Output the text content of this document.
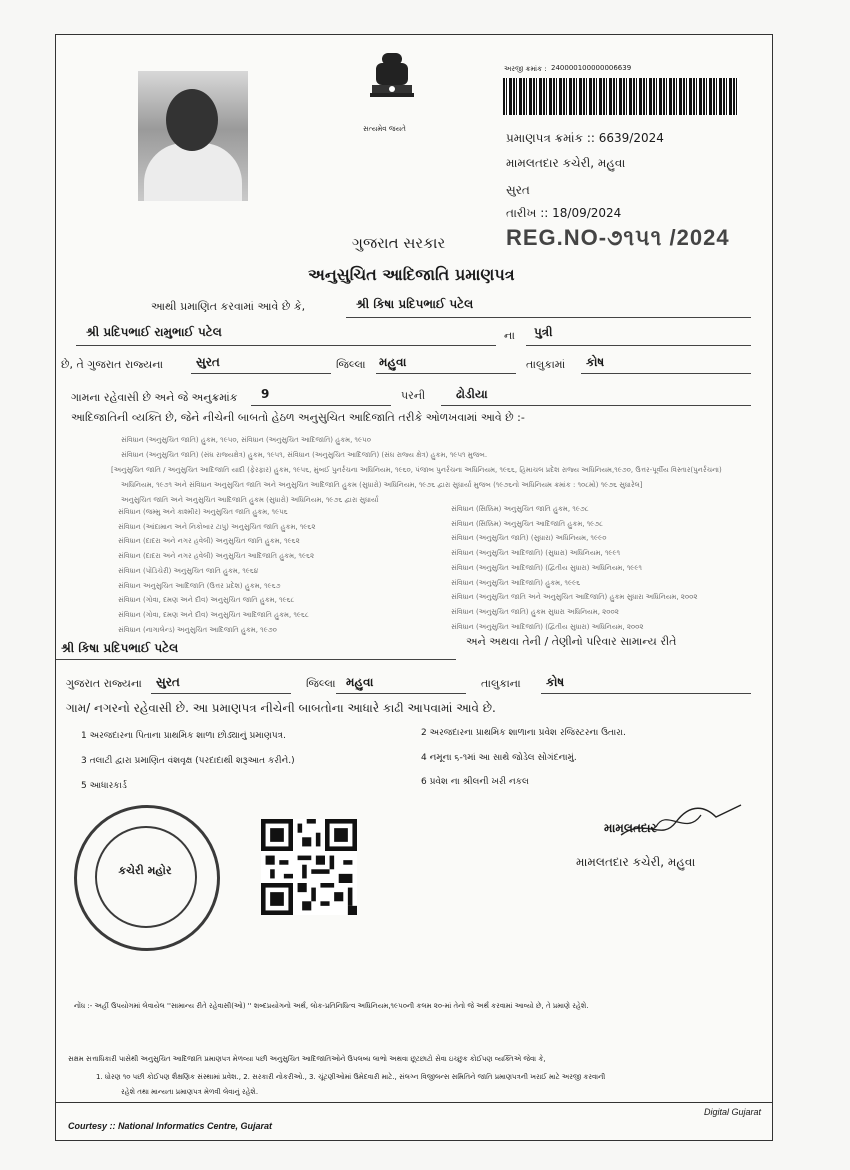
સત્યમેવ જયતે
અરજી ક્રમાંક : 240000100000006639
પ્રમાણપત્ર ક્રમાંક :: 6639/2024
મામલતદાર કચેરી, મહુવા
સુરત
તારીખ :: 18/09/2024
REG.NO-૭૧૫૧ /2024
ગુજરાત સરકાર
અનુસુચિત આદિજાતિ પ્રમાણપત્ર
આથી પ્રમાણિત કરવામાં આવે છે કે,	શ્રી કિષા પ્રદિપભાઈ પટેલ
શ્રી પ્રદિપભાઈ રામુભાઈ પટેલ	ના પુત્રી
છે, તે ગુજરાત રાજ્યના	સુરત	જિલ્લા મહુવા	તાલુકામાં કોષ
ગામના રહેવાસી છે અને જે અનુક્રમાંક 9	પરની	ઢોડીયા
આદિજાતિની વ્યક્તિ છે, જેને નીચેની બાબતો હેઠળ અનુસુચિત આદિજાતિ તરીકે ઓળખવામાં આવે છે :-
સંવિધાન (અનુસુચિત જાતિ) હુકમ, ૧૯૫૦, સંવિધાન (અનુસુચિત આદિજાતિ) હુકમ, ૧૯૫૦
સંવિધાન (અનુસુચિત જાતિ) (સંઘ રાજ્યક્ષેત્ર) હુકમ, ૧૯૫૧, સંવિધાન (અનુસુચિત આદિજાતિ) (સંઘ રાજ્ય ક્ષેત્ર) હુકમ, ૧૯૫૧ મુજબ.
[અનુસુચિત જાતિ / અનુસુચિત આદિજાતિ યાદી (ફેરફાર) હુકમ, ૧૯૫૬, મુંબઈ પુનર્રચના અધિનિયમ, ૧૯૬૦, પંજાબ પુનર્રચના અધિનિયમ, ૧૯૬૬, હિમાચલ પ્રદેશ રાજ્ય અધિનિયમ,૧૯૭૦, ઉત્તર-પૂર્વીય વિસ્તાર(પુનર્રચના)
અધિનિયમ, ૧૯૭૧ અને સંવિધાન અનુસુચિત જાતિ અને અનુસુચિત આદિજાતિ હુકમ (સુધારો) અધિનિયમ, ૧૯૭૬ દ્વારા સુધાર્યા મુજબ (૧૯૭૬નો અધિનિયમ ક્રમાંક : ૧૦૮મો) ૧૯૭૬ સુધારેલ]
અનુસુચિત જાતિ અને અનુસુચિત આદિજાતિ હુકમ (સુધારો) અધિનિયમ, ૧૯૭૬ દ્વારા સુધાર્યા
સંવિધાન (જમ્મુ અને કાશ્મીર) અનુસુચિત જાતિ હુકમ, ૧૯૫૬
સંવિધાન (આંદામાન અને નિકોબાર ટાપુ) અનુસુચિત જાતિ હુકમ, ૧૯૬૨
સંવિધાન (દાદરા અને નગર હવેલી) અનુસુચિત જાતિ હુકમ, ૧૯૬૨
સંવિધાન (દાદરા અને નગર હવેલી) અનુસુચિત આદિજાતિ હુકમ, ૧૯૬૨
સંવિધાન (પોંડિચેરી) અનુસુચિત જાતિ હુકમ, ૧૯૬૪
સંવિધાન અનુસુચિત આદિજાતિ (ઉત્તર પ્રદેશ) હુકમ, ૧૯૬૭
સંવિધાન (ગોવા, દમણ અને દીવ) અનુસુચિત જાતિ હુકમ, ૧૯૬૮
સંવિધાન (ગોવા, દમણ અને દીવ) અનુસુચિત આદિજાતિ હુકમ, ૧૯૬૮
સંવિધાન (નાગાલેન્ડ) અનુસુચિત આદિજાતિ હુકમ, ૧૯૭૦
સંવિધાન (સિક્કિમ) અનુસુચિત જાતિ હુકમ, ૧૯૭૮
સંવિધાન (સિક્કિમ) અનુસુચિત આદિજાતિ હુકમ, ૧૯૭૮
સંવિધાન (અનુસુચિત જાતિ) (સુધારા) અધિનિયમ, ૧૯૯૦
સંવિધાન (અનુસુચિત આદિજાતિ) (સુધારા) અધિનિયમ, ૧૯૯૧
સંવિધાન (અનુસુચિત આદિજાતિ) (દ્વિતીય સુધારા) અધિનિયમ, ૧૯૯૧
સંવિધાન (અનુસુચિત આદિજાતિ) હુકમ, ૧૯૯૬
સંવિધાન (અનુસુચિત જાતિ અને અનુસુચિત આદિજાતિ) હુકમ સુધારા અધિનિયમ, ૨૦૦૨
સંવિધાન (અનુસુચિત જાતિ) હુકમ સુધારા અધિનિયમ, ૨૦૦૨
સંવિધાન (અનુસુચિત આદિજાતિ) (દ્વિતીય સુધારા) અધિનિયમ, ૨૦૦૨
શ્રી કિષા પ્રદિપભાઈ પટેલ	અને અથવા તેની / તેણીનો પરિવાર સામાન્ય રીતે
ગુજરાત રાજ્યના સુરત	જિલ્લા મહુવા	તાલુકાના કોષ
ગામ/ નગરનો રહેવાસી છે. આ પ્રમાણપત્ર નીચેની બાબતોના આધારે કાઢી આપવામાં આવે છે.
1 અરજદારના પિતાના પ્રાથમિક શાળા છોડ્યાનું પ્રમાણપત્ર.	2 અરજદારના પ્રાથમિક શાળાના પ્રવેશ રજિસ્ટરના ઉતારા.
3 તલાટી દ્વારા પ્રમાણિત વંશવૃક્ષ (પરદાદાથી શરૂઆત કરીને.)	4 નમૂના ૬-૧માં આ સાથે જોડેલ સોગંદનામું.
5 આધારકાર્ડ	6 પ્રવેશ ના શ્રીલની ખરી નકલ
કચેરી મહોર
મામલતદાર
મામલતદાર કચેરી, મહુવા
નોંધ :- અહીં ઉપયોગમાં લેવાયેલ ''સામાન્ય રીતે રહેવાસી(ઓ) '' શબ્દપ્રયોગનો અર્થ, લોક-પ્રતિનિધિત્વ અધિનિયમ,૧૯૫૦ની કલમ ૨૦-માં તેનો જે અર્થ કરવામાં આવ્યો છે, તે પ્રમાણે રહેશે.
સક્ષમ સત્તાધિકારી પાસેથી અનુસુચિત આદિજાતિ પ્રમાણપત્ર મેળવ્યા પછી અનુસુચિત આદિજાતિઓને ઉપલબ્ધ લાભો અથવા છૂટછાટો સેવા ઇચ્છુક કોઈપણ વ્યક્તિએ જેવા કે,
1. ધોરણ ૧૦ પછી કોઈપણ શૈક્ષણિક સંસ્થામાં પ્રવેશ., 2. સરકારી નોકરીઓ., 3. ચૂંટણીઓમાં ઉમેદવારી માટે., સંલગ્ન વિજીલન્સ સમિતિને જાતિ પ્રમાણપત્રની ખરાઈ માટે અરજી કરવાની
રહેશે તથા માન્યતા પ્રમાણપત્ર મેળવી લેવાનું રહેશે.
Courtesy :: National Informatics Centre, Gujarat
Digital Gujarat
